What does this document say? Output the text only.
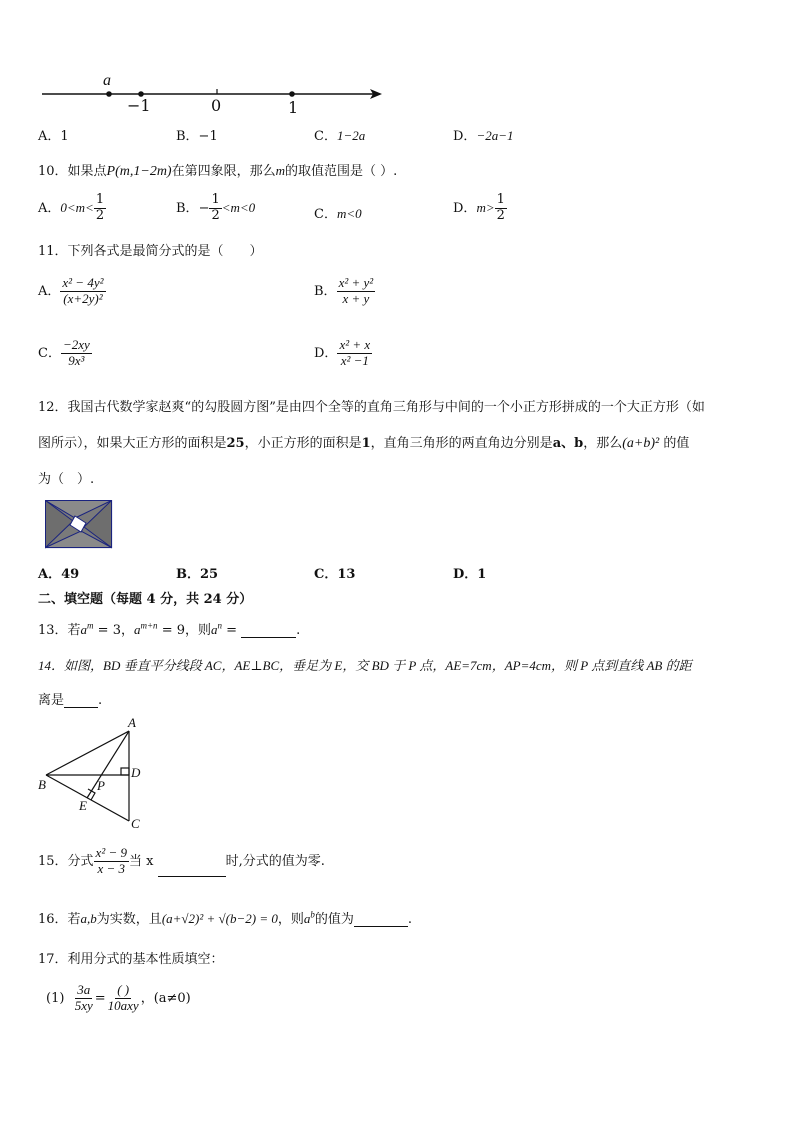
a
−1	0	1
A．1	B．−1	C．1−2a	D．−2a−1
10．如果点P(m,1−2m)在第四象限，那么m的取值范围是（ ）.
A．$0<m< \frac{1}{2}$	B．− $\frac{1}{2} <m<0$	C．m<0	D．$m> \frac{1}{2}$
11．下列各式是最简分式的是（　　）
A． $\frac{\text{x² − 4y²}}{\text{(x+2y)²}}$	B． $\frac{\text{x² + y²}}{x + y}$
C． $\frac{-2xy}{\text{9x³}}$	D． $\frac{\text{x² + x}}{\text{x² −1}}$
12．我国古代数学家赵爽“的勾股圆方图”是由四个全等的直角三角形与中间的一个小正方形拼成的一个大正方形（如
图所示），如果大正方形的面积是25，小正方形的面积是1，直角三角形的两直角边分别是a、b，那么(a+b)² 的值
为（　）.
A．49	B．25	C．13	D．1
二、填空题（每题 4 分，共 24 分）
13．若$a^m = 3$，$a^{m+n} = 9$，则$a^n$ =	.
14．如图，BD 垂直平分线段 AC，AE⊥BC，垂足为 E，交 BD 于 P 点，AE=7cm，AP=4cm，则 P 点到直线 AB 的距
离是	.
A
B
C
D
E
P
15．分式 $\frac{\text{x² − 9}}{x - 3}$ 当 x	时,分式的值为零.
16．若a,b为实数，且(a+√2)² + √(b−2) = 0，则$a^b$的值为	.
17．利用分式的基本性质填空：
$(1) \frac{3a}{5xy} = \frac{( )}{\text{10axy}}$ ，(a≠0)
